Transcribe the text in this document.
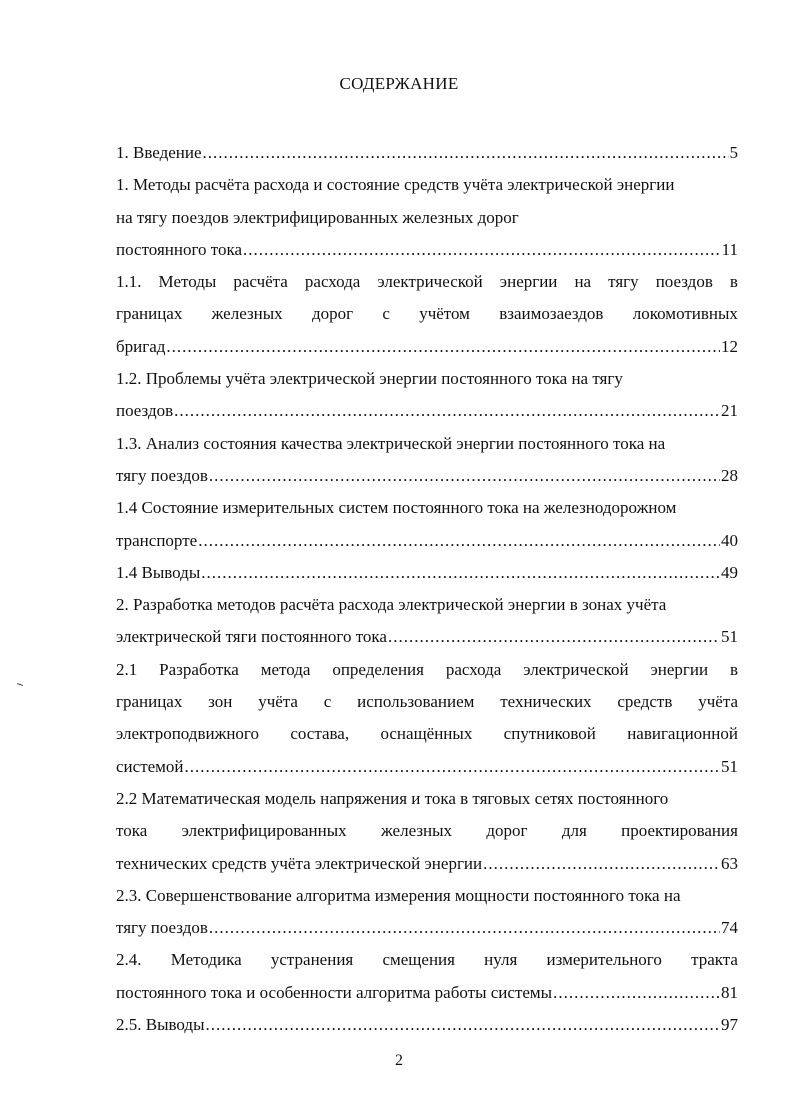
СОДЕРЖАНИЕ
1. Введение .....	5
1. Методы расчёта расхода и состояние средств учёта электрической энергии
на тягу поездов электрифицированных железных дорог
постоянного тока .....	11
1.1. Методы расчёта расхода электрической энергии на тягу поездов в
границах железных дорог с учётом взаимозаездов локомотивных
бригад .....	12
1.2. Проблемы учёта электрической энергии постоянного тока на тягу
поездов .....	21
1.3. Анализ состояния качества электрической энергии постоянного тока на
тягу поездов .....	28
1.4 Состояние измерительных систем постоянного тока на железнодорожном
транспорте .....	40
1.4 Выводы .....	49
2. Разработка методов расчёта расхода электрической энергии в зонах учёта
электрической тяги постоянного тока .....	51
2.1 Разработка метода определения расхода электрической энергии в
границах зон учёта с использованием технических средств учёта
электроподвижного состава, оснащённых спутниковой навигационной
системой .....	51
2.2 Математическая модель напряжения и тока в тяговых сетях постоянного
тока электрифицированных железных дорог для проектирования
технических средств учёта электрической энергии .....	63
2.3. Совершенствование алгоритма измерения мощности постоянного тока на
тягу поездов .....	74
2.4. Методика устранения смещения нуля измерительного тракта
постоянного тока и особенности алгоритма работы системы .....	81
2.5. Выводы .....	97
2
